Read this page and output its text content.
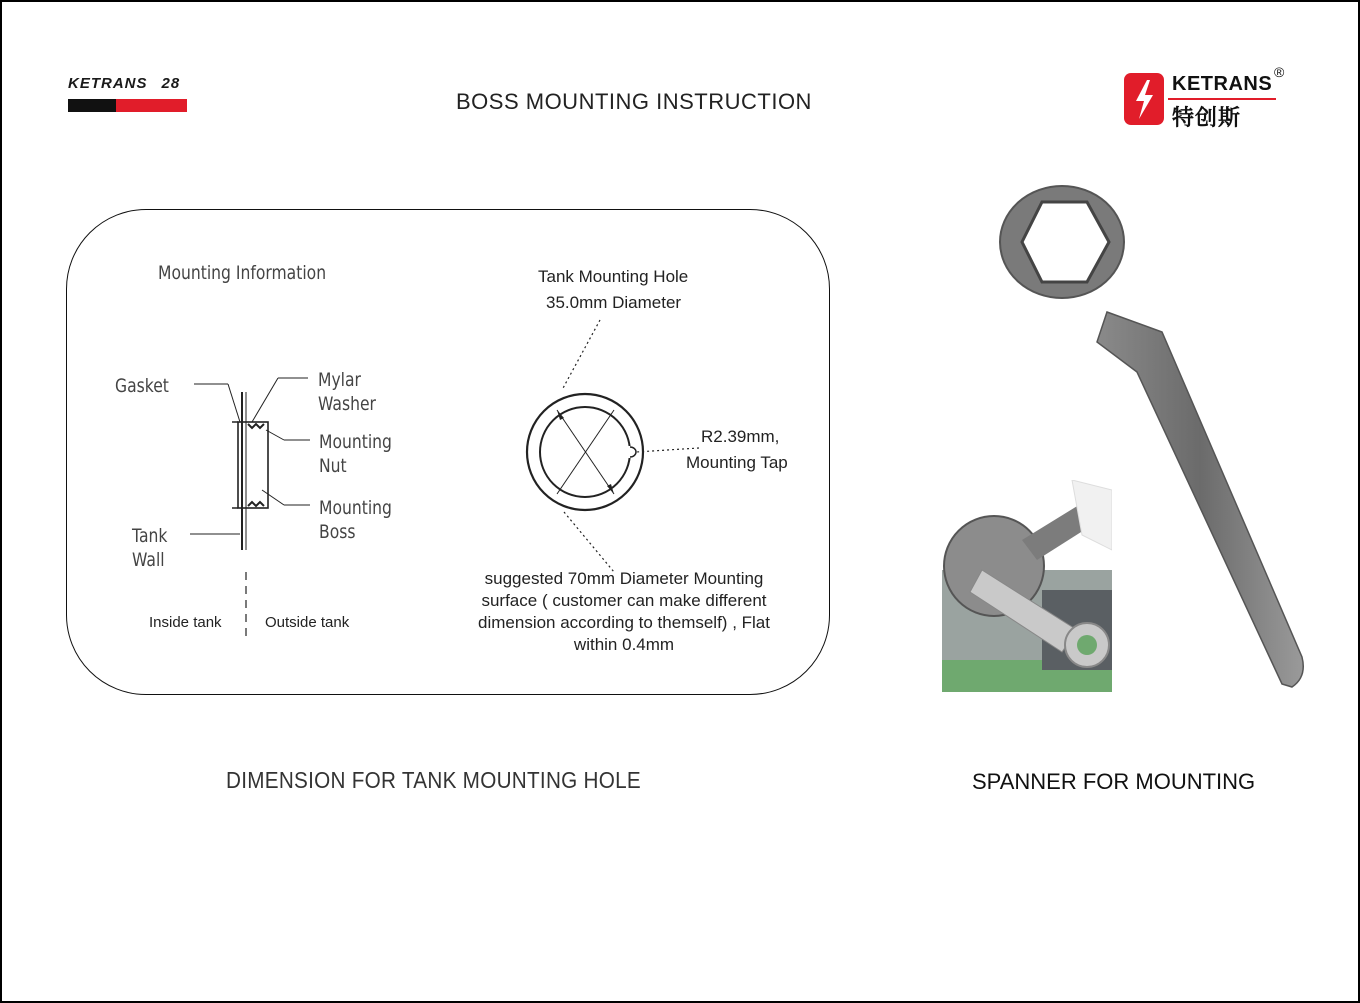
KETRANS 28
BOSS MOUNTING INSTRUCTION
KETRANS
®
特创斯
Mounting Information
Gasket	Mylar
Washer
Mounting
Nut
Mounting
Boss
Tank
Wall
Inside tank	Outside tank
Tank Mounting Hole
35.0mm Diameter
R2.39mm,
Mounting Tap
suggested 70mm Diameter Mounting
surface ( customer can make different
dimension according to themself) , Flat
within 0.4mm
DIMENSION FOR TANK MOUNTING HOLE	SPANNER FOR MOUNTING
